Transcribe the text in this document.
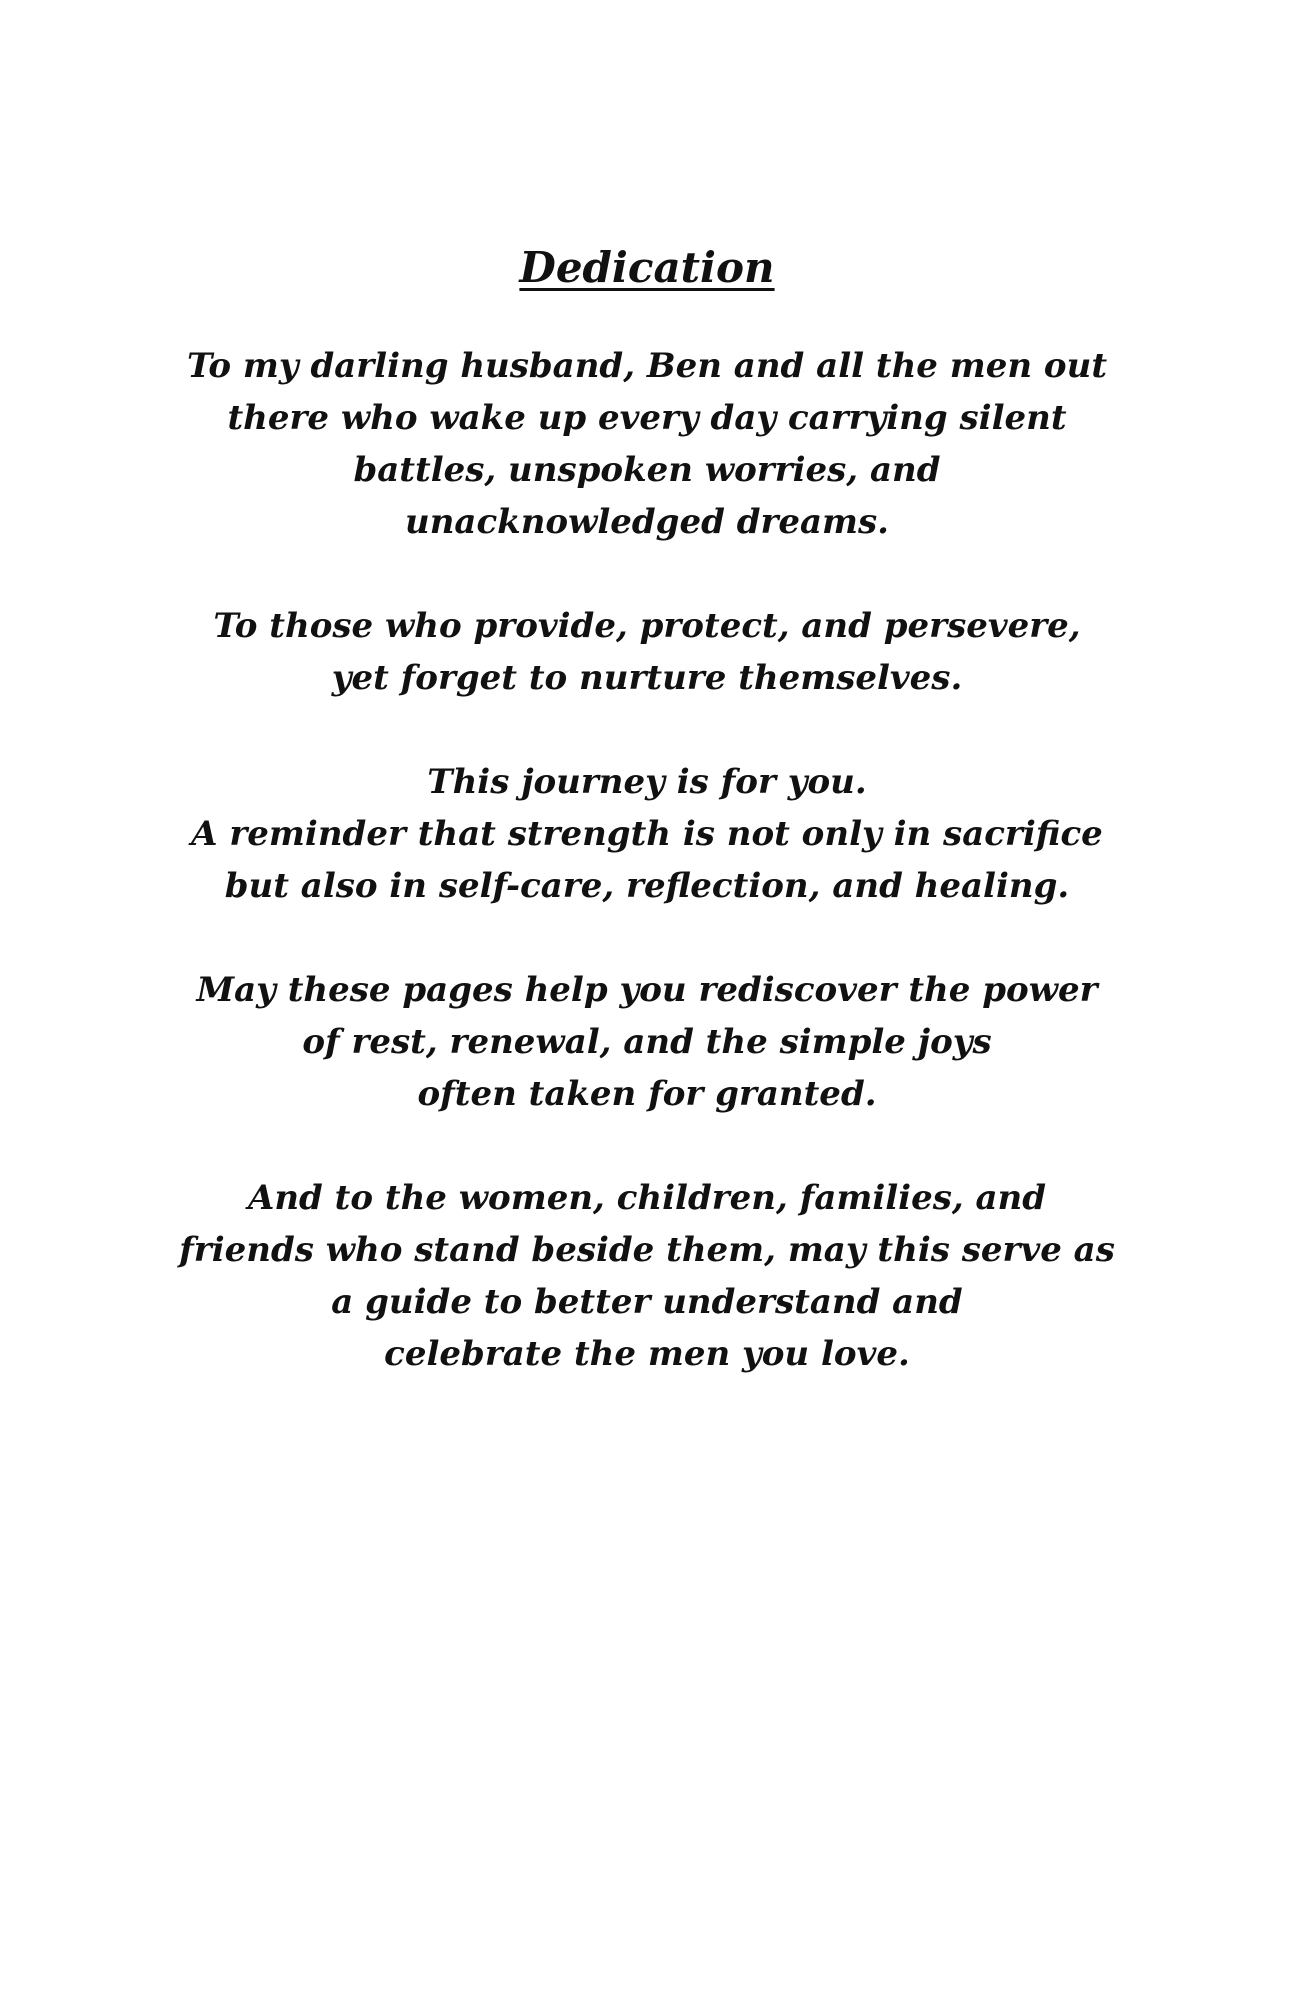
Dedication

To my darling husband, Ben and all the men out
there who wake up every day carrying silent
battles, unspoken worries, and
unacknowledged dreams.

To those who provide, protect, and persevere,
yet forget to nurture themselves.

This journey is for you.
A reminder that strength is not only in sacrifice
but also in self-care, reflection, and healing.

May these pages help you rediscover the power
of rest, renewal, and the simple joys
often taken for granted.

And to the women, children, families, and
friends who stand beside them, may this serve as
a guide to better understand and
celebrate the men you love.
